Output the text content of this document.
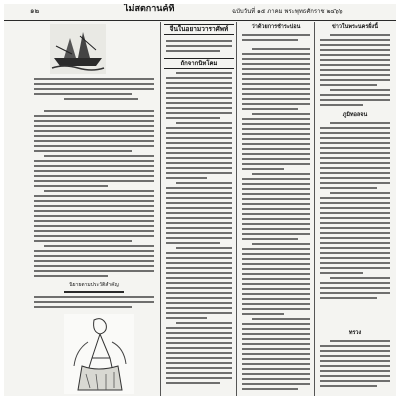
๑๒	ไม่สตกานค์ที่	ฉบับวันที่ ๑๕ ภาคม พระพุทธศักราช ๒๔๖๖
นิยายตามประวัติสำคัญ
จีนในอยามวาราศัพท์
ถักจากนิทโคม
ว่าด้วยการชำระบ่อน	ข่าวในพระนครฝั่งนี้
ภูมิทอลจน
ทรวง
